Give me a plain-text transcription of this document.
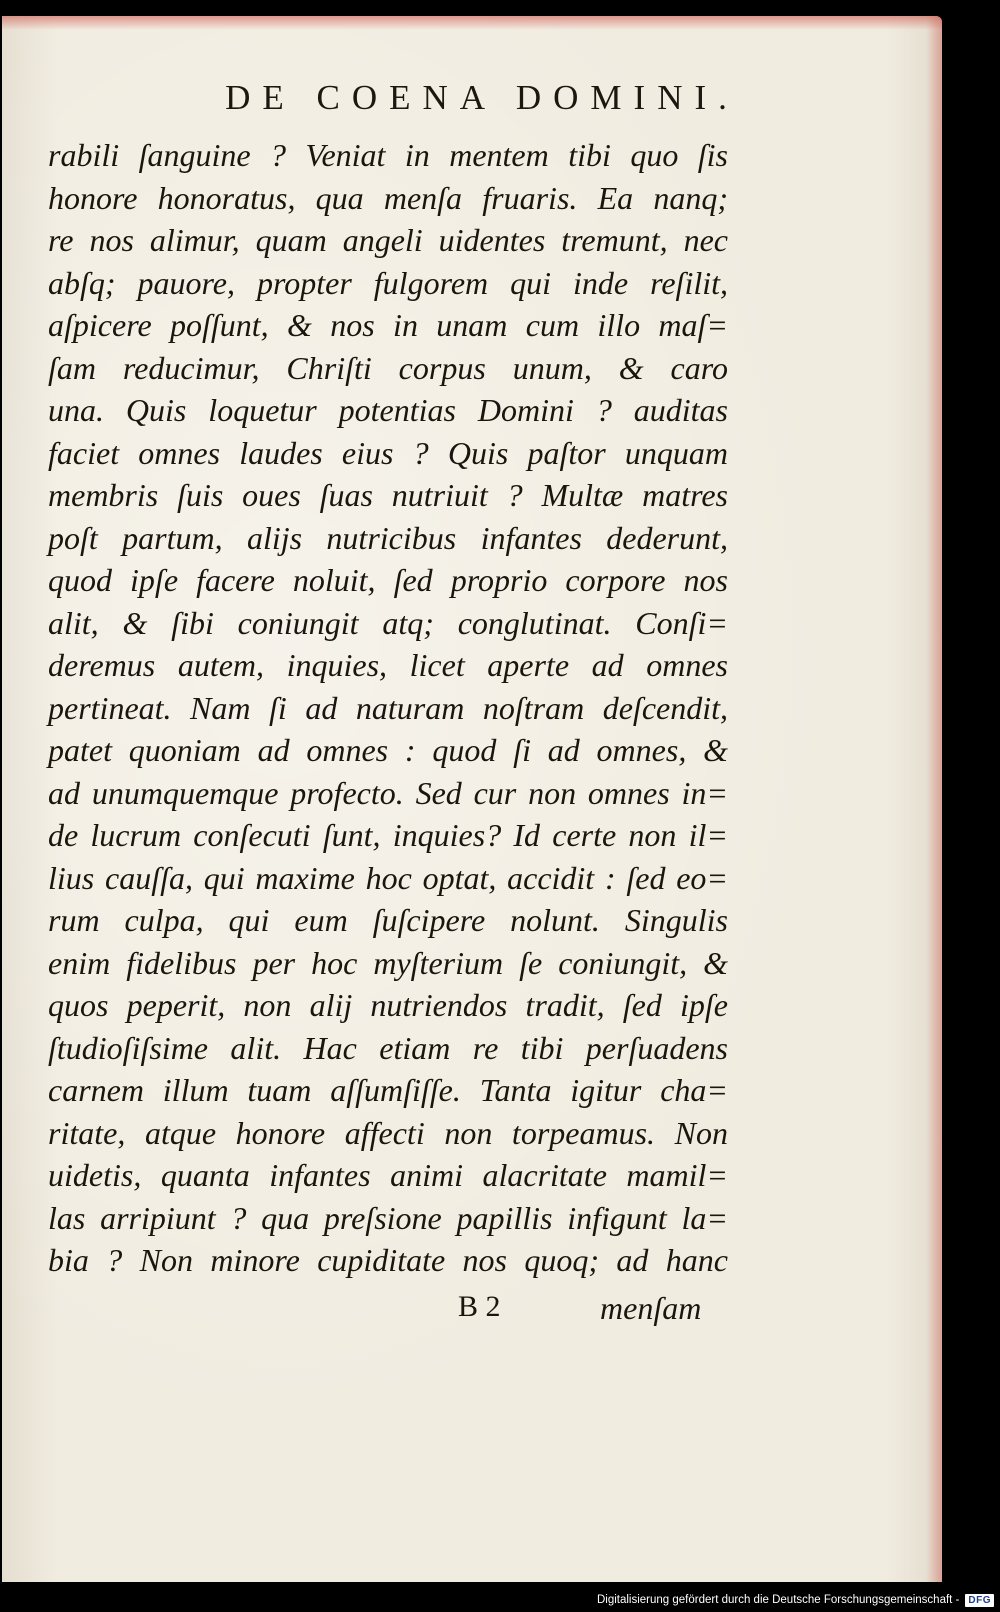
DE COENA DOMINI.
rabili ſanguine ? Veniat in mentem tibi quo ſis
honore honoratus, qua menſa fruaris. Ea nanq;
re nos alimur, quam angeli uidentes tremunt, nec
abſq; pauore, propter fulgorem qui inde reſilit,
aſpicere poſſunt, & nos in unam cum illo maſ=
ſam reducimur, Chriſti corpus unum, & caro
una. Quis loquetur potentias Domini ? auditas
faciet omnes laudes eius ? Quis paſtor unquam
membris ſuis oues ſuas nutriuit ? Multæ matres
poſt partum, alijs nutricibus infantes dederunt,
quod ipſe facere noluit, ſed proprio corpore nos
alit, & ſibi coniungit atq; conglutinat. Conſi=
deremus autem, inquies, licet aperte ad omnes
pertineat. Nam ſi ad naturam noſtram deſcendit,
patet quoniam ad omnes : quod ſi ad omnes, &
ad unumquemque profecto. Sed cur non omnes in=
de lucrum conſecuti ſunt, inquies? Id certe non il=
lius cauſſa, qui maxime hoc optat, accidit : ſed eo=
rum culpa, qui eum ſuſcipere nolunt. Singulis
enim fidelibus per hoc myſterium ſe coniungit, &
quos peperit, non alij nutriendos tradit, ſed ipſe
ſtudioſiſsime alit. Hac etiam re tibi perſuadens
carnem illum tuam aſſumſiſſe. Tanta igitur cha=
ritate, atque honore affecti non torpeamus. Non
uidetis, quanta infantes animi alacritate mamil=
las arripiunt ? qua preſsione papillis infigunt la=
bia ? Non minore cupiditate nos quoq; ad hanc
B 2	menſam
Digitalisierung gefördert durch die Deutsche Forschungsgemeinschaft - DFG
